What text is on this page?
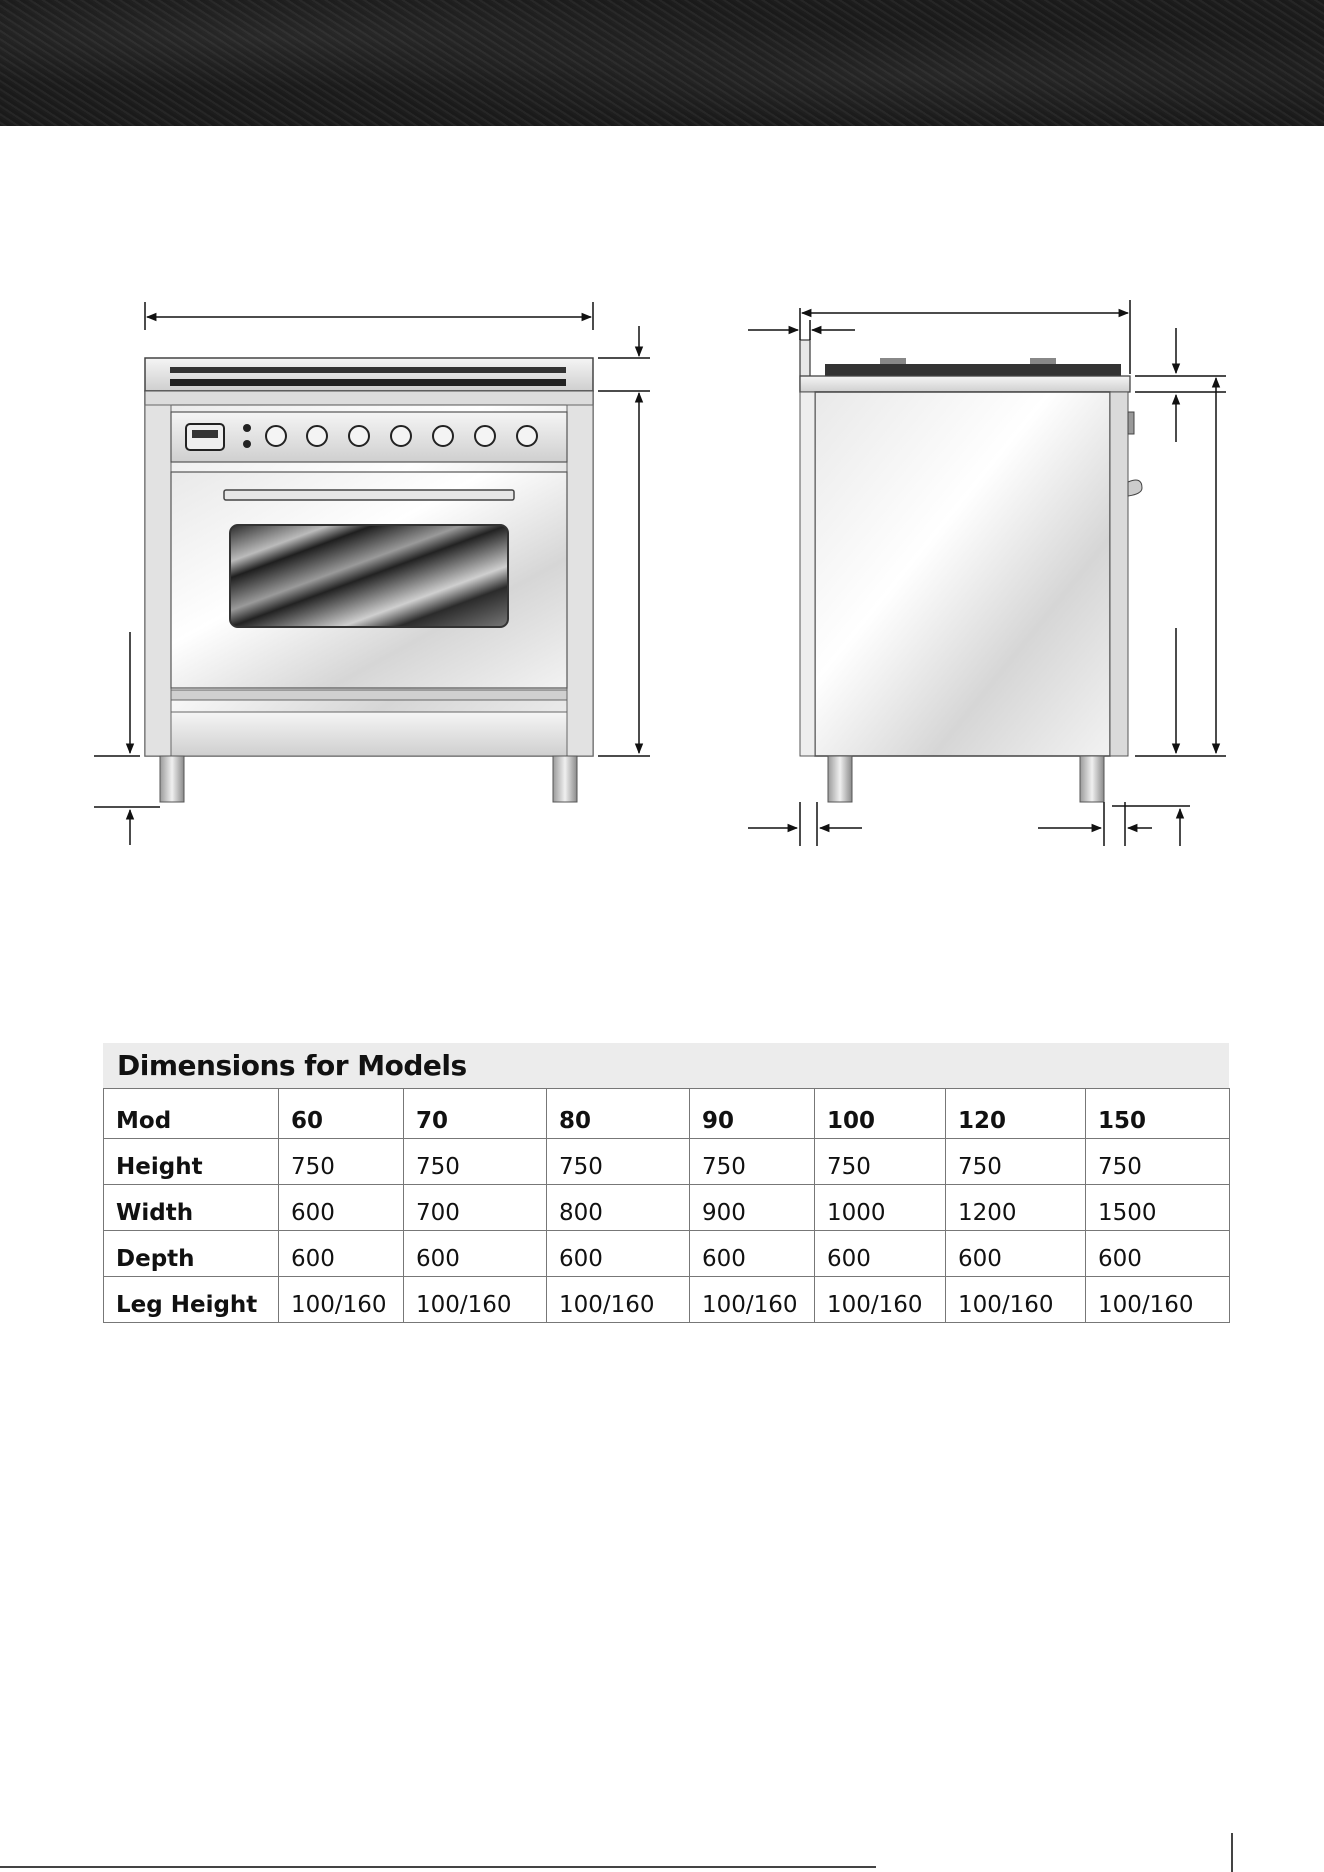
Dimensions for Models
Mod	60	70	80	90	100	120	150
Height	750	750	750	750	750	750	750
Width	600	700	800	900	1000	1200	1500
Depth	600	600	600	600	600	600	600
Leg Height	100/160	100/160	100/160	100/160	100/160	100/160	100/160
